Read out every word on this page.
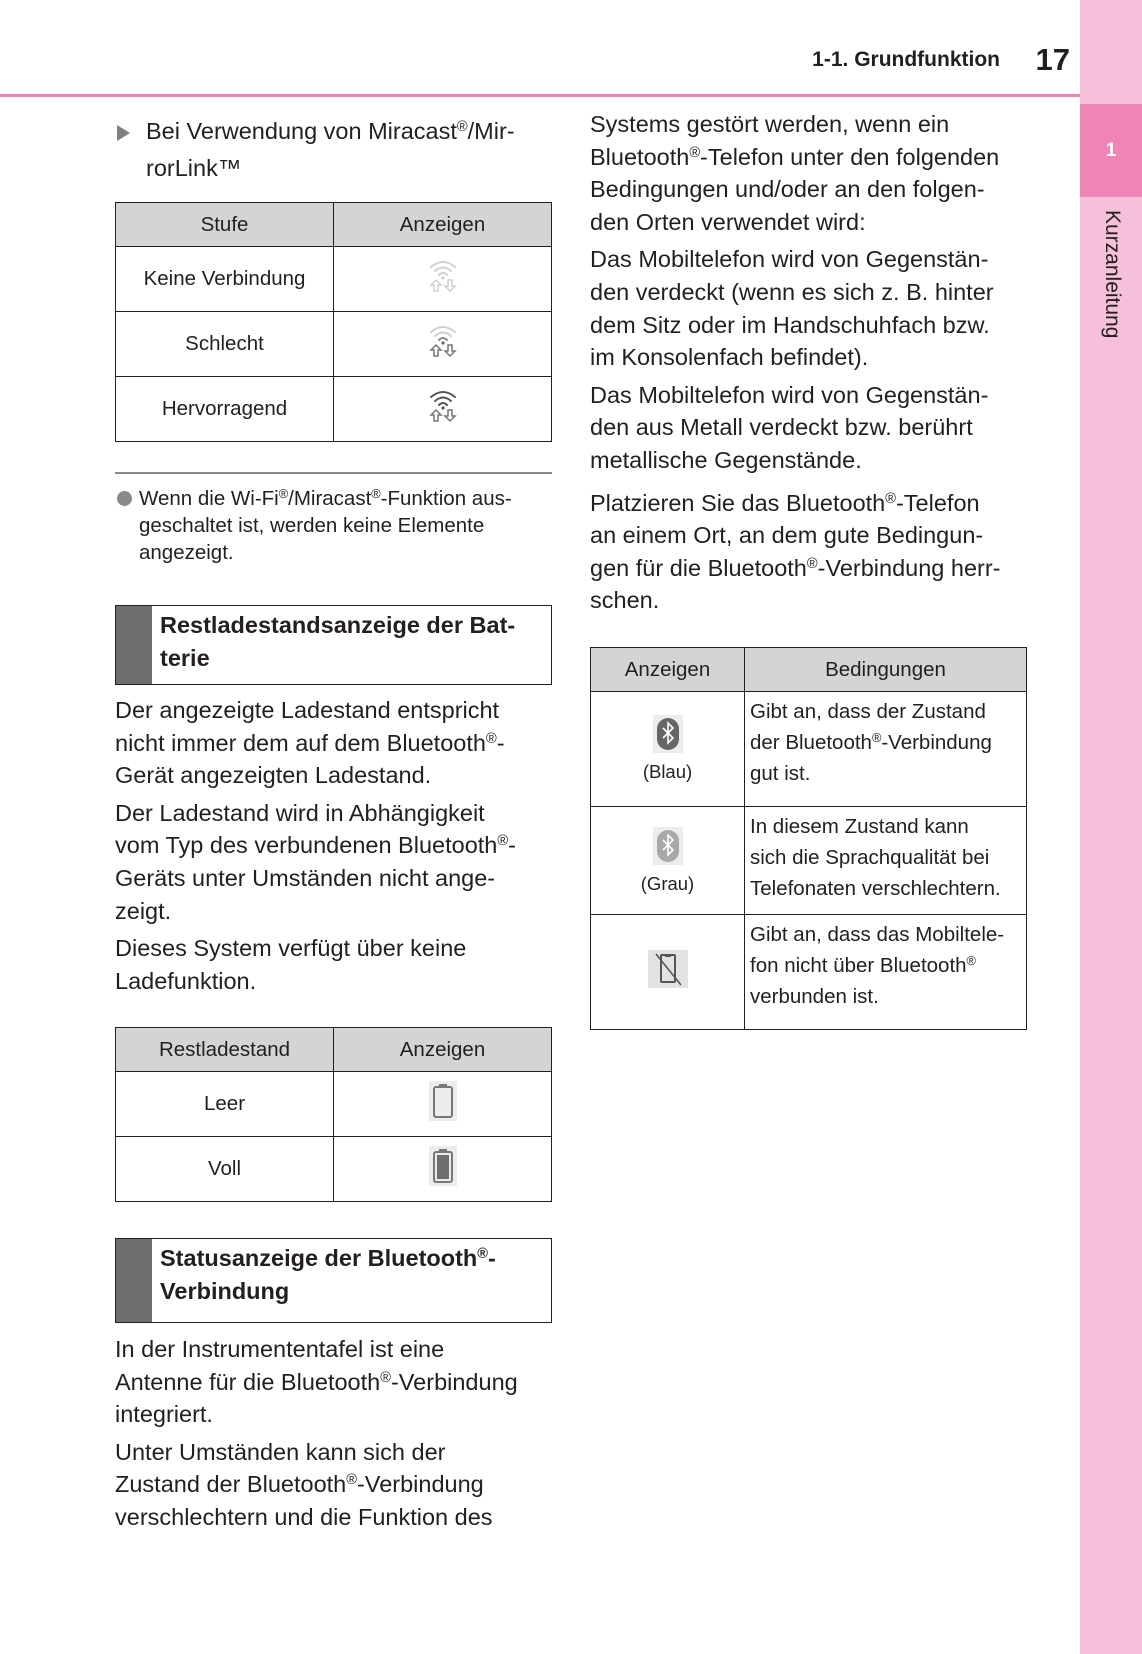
1-1. Grundfunktion	17
1
Kurzanleitung
Bei Verwendung von Miracast®/Mir-
rorLink™
Stufe	Anzeigen
Keine Verbindung	
Schlecht	
Hervorragend	
Wenn die Wi-Fi®/Miracast®-Funktion aus-
geschaltet ist, werden keine Elemente
angezeigt.
Restladestandsanzeige der Bat-
terie

Der angezeigte Ladestand entspricht
nicht immer dem auf dem Bluetooth®-
Gerät angezeigten Ladestand.

Der Ladestand wird in Abhängigkeit
vom Typ des verbundenen Bluetooth®-
Geräts unter Umständen nicht ange-
zeigt.

Dieses System verfügt über keine
Ladefunktion.

Restladestand	Anzeigen
Leer	
Voll	
Statusanzeige der Bluetooth®-
Verbindung

In der Instrumententafel ist eine
Antenne für die Bluetooth®-Verbindung
integriert.

Unter Umständen kann sich der
Zustand der Bluetooth®-Verbindung
verschlechtern und die Funktion des

Systems gestört werden, wenn ein
Bluetooth®-Telefon unter den folgenden
Bedingungen und/oder an den folgen-
den Orten verwendet wird:

Das Mobiltelefon wird von Gegenstän-
den verdeckt (wenn es sich z. B. hinter
dem Sitz oder im Handschuhfach bzw.
im Konsolenfach befindet).

Das Mobiltelefon wird von Gegenstän-
den aus Metall verdeckt bzw. berührt
metallische Gegenstände.

Platzieren Sie das Bluetooth®-Telefon
an einem Ort, an dem gute Bedingun-
gen für die Bluetooth®-Verbindung herr-
schen.

Anzeigen	Bedingungen

(Blau)	Gibt an, dass der Zustand
der Bluetooth®-Verbindung
gut ist.

(Grau)	In diesem Zustand kann
sich die Sprachqualität bei
Telefonaten verschlechtern.
	Gibt an, dass das Mobiltele-
fon nicht über Bluetooth®
verbunden ist.
